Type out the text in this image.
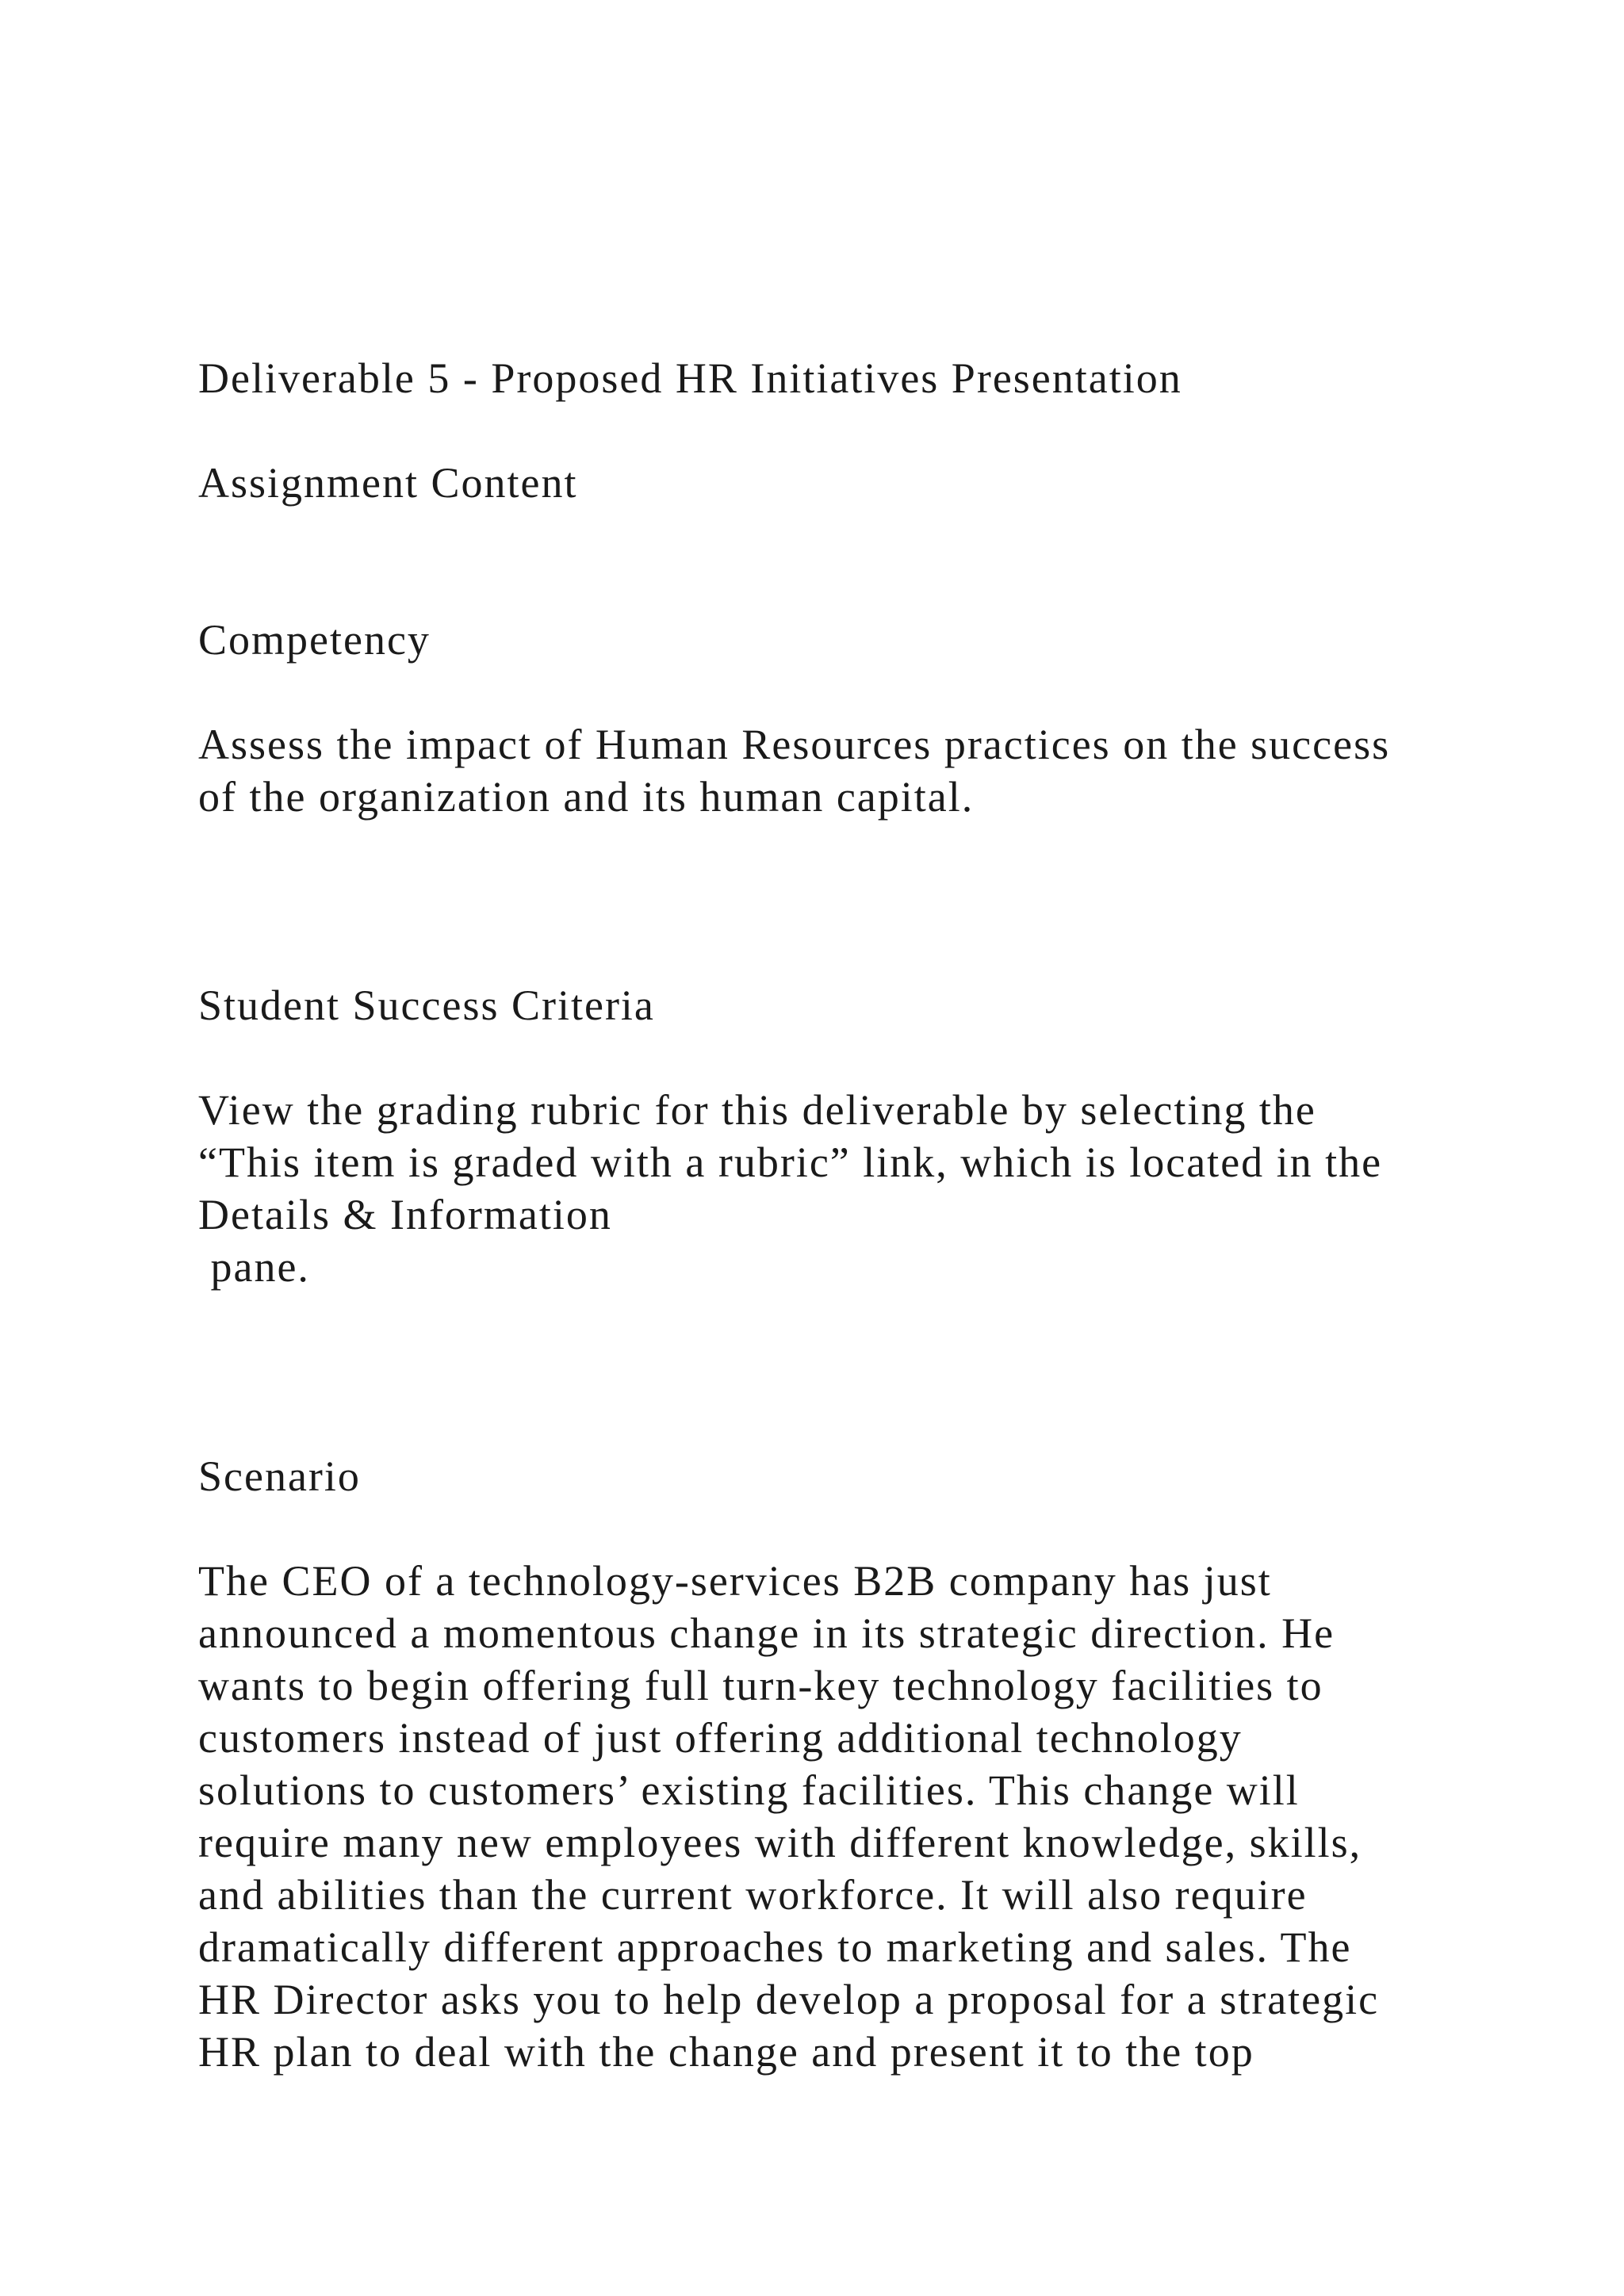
Deliverable 5 - Proposed HR Initiatives Presentation

Assignment Content

Competency

Assess the impact of Human Resources practices on the success

of the organization and its human capital.

Student Success Criteria

View the grading rubric for this deliverable by selecting the

“This item is graded with a rubric” link, which is located in the

Details & Information

pane.

Scenario

The CEO of a technology-services B2B company has just

announced a momentous change in its strategic direction. He

wants to begin offering full turn-key technology facilities to

customers instead of just offering additional technology

solutions to customers’ existing facilities. This change will

require many new employees with different knowledge, skills,

and abilities than the current workforce. It will also require

dramatically different approaches to marketing and sales. The

HR Director asks you to help develop a proposal for a strategic

HR plan to deal with the change and present it to the top
